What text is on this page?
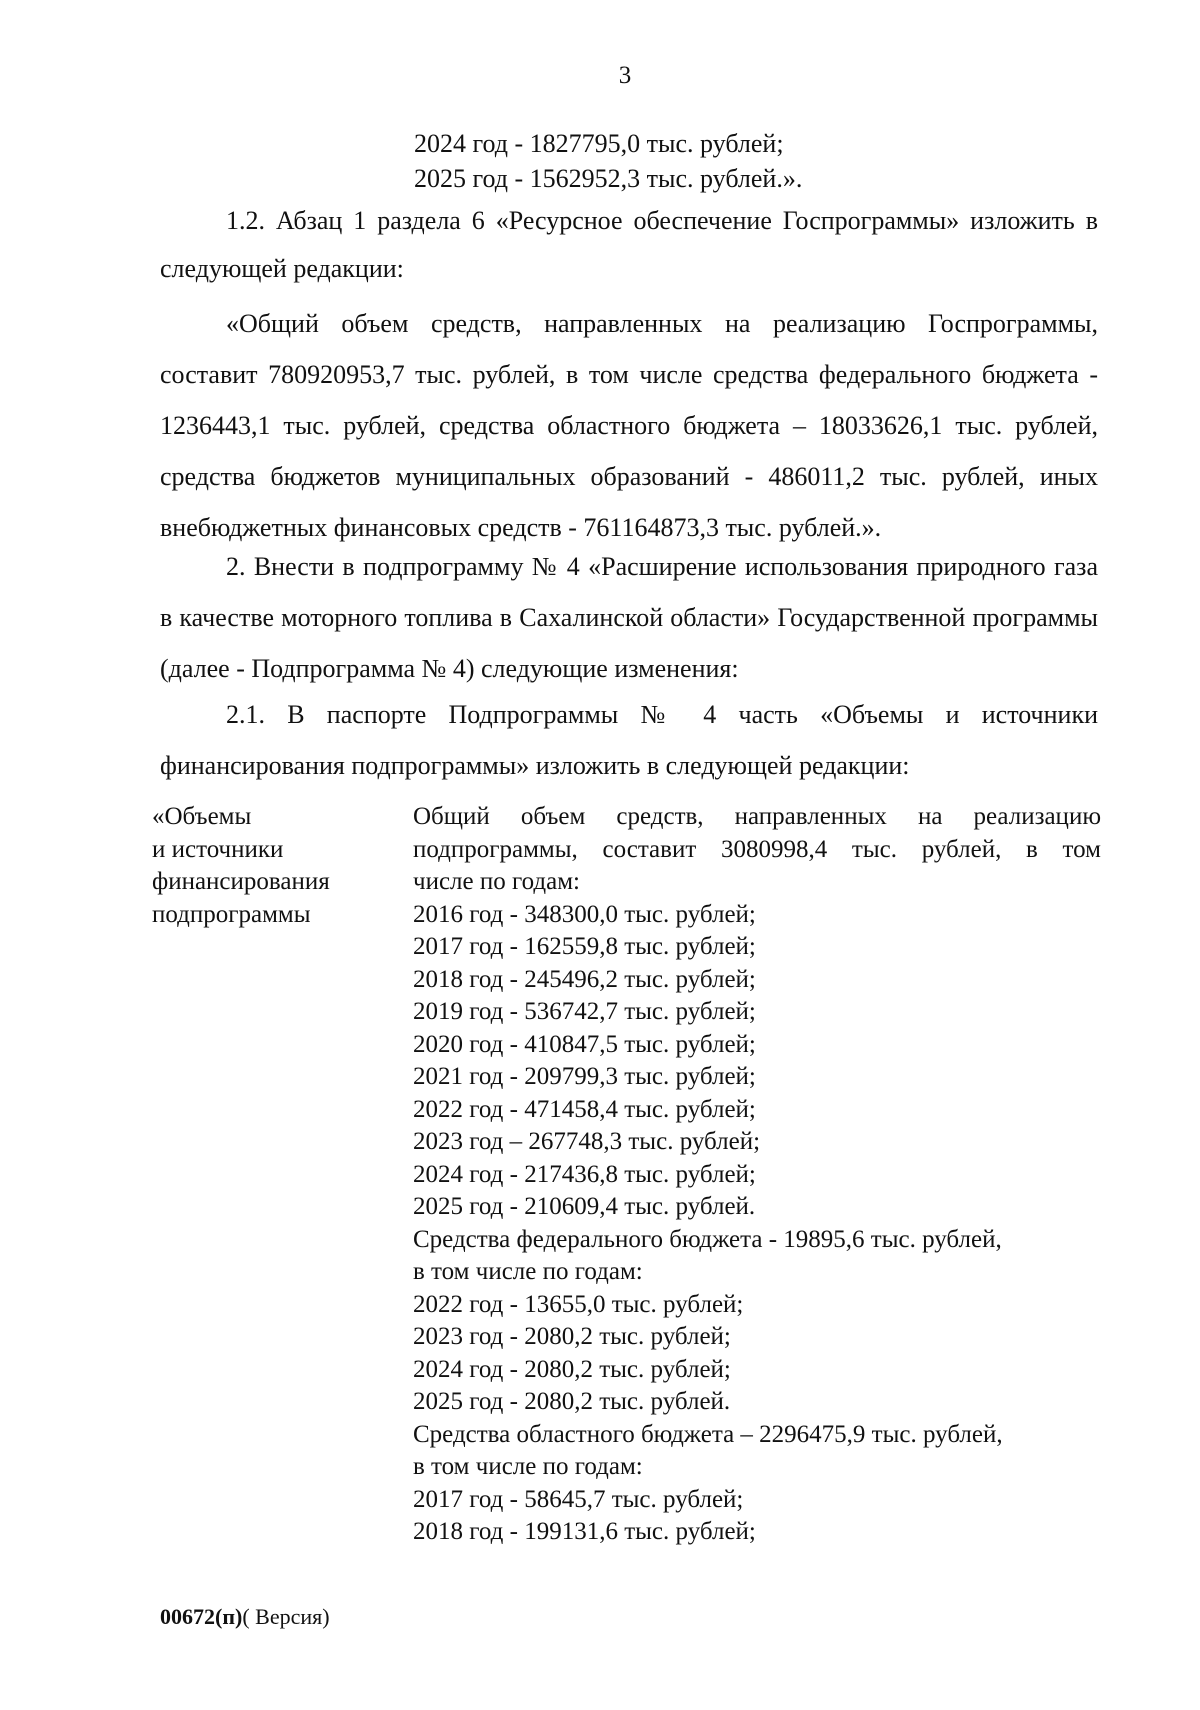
3
2024 год - 1827795,0 тыс. рублей;
2025 год - 1562952,3 тыс. рублей.».

1.2. Абзац 1 раздела 6 «Ресурсное обеспечение Госпрограммы» изложить в следующей редакции:

«Общий объем средств, направленных на реализацию Госпрограммы, составит 780920953,7 тыс. рублей, в том числе средства федерального бюджета - 1236443,1 тыс. рублей, средства областного бюджета – 18033626,1 тыс. рублей, средства бюджетов муниципальных образований - 486011,2 тыс. рублей, иных внебюджетных финансовых средств - 761164873,3 тыс. рублей.».

2. Внести в подпрограмму № 4 «Расширение использования природного газа в качестве моторного топлива в Сахалинской области» Государственной программы (далее - Подпрограмма № 4) следующие изменения:

2.1. В паспорте Подпрограммы № 4 часть «Объемы и источники финансирования подпрограммы» изложить в следующей редакции:

«Объемы
и источники
финансирования
подпрограммы
Общий объем средств, направленных на реализацию
подпрограммы, составит 3080998,4 тыс. рублей, в том
числе по годам:
2016 год - 348300,0 тыс. рублей;
2017 год - 162559,8 тыс. рублей;
2018 год - 245496,2 тыс. рублей;
2019 год - 536742,7 тыс. рублей;
2020 год - 410847,5 тыс. рублей;
2021 год - 209799,3 тыс. рублей;
2022 год - 471458,4 тыс. рублей;
2023 год – 267748,3 тыс. рублей;
2024 год - 217436,8 тыс. рублей;
2025 год - 210609,4 тыс. рублей.
Средства федерального бюджета - 19895,6 тыс. рублей,
в том числе по годам:
2022 год - 13655,0 тыс. рублей;
2023 год - 2080,2 тыс. рублей;
2024 год - 2080,2 тыс. рублей;
2025 год - 2080,2 тыс. рублей.
Средства областного бюджета – 2296475,9 тыс. рублей,
в том числе по годам:
2017 год - 58645,7 тыс. рублей;
2018 год - 199131,6 тыс. рублей;
00672(п)( Версия)
